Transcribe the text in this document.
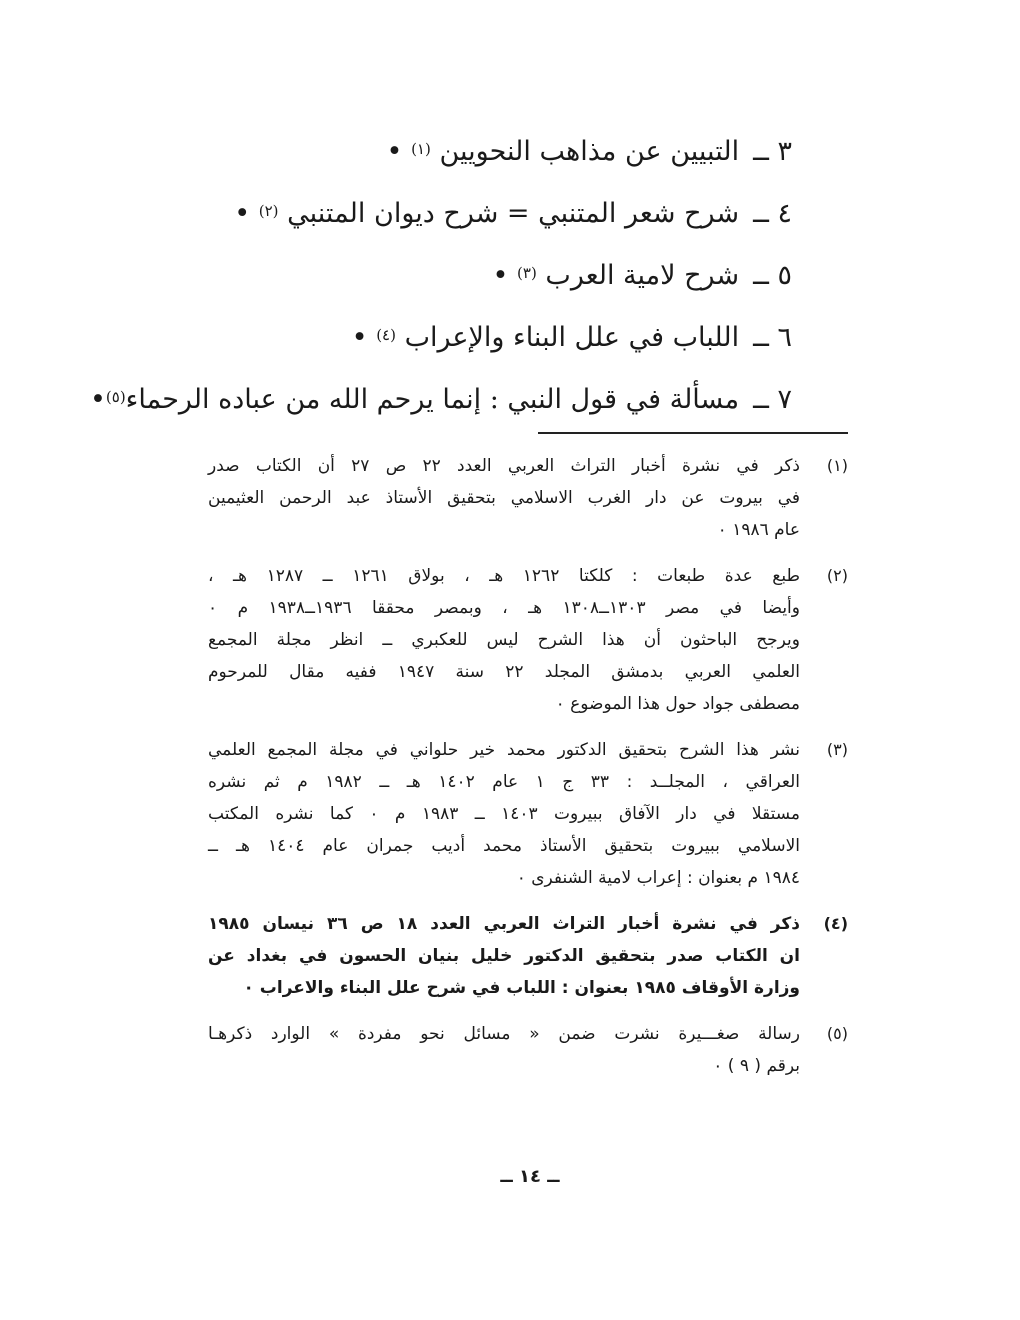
٣ ــالتبيين عن مذاهب النحويين $^{(١)}$ •
٤ ــشرح شعر المتنبي = شرح ديوان المتنبي $^{(٢)}$ •
٥ ــشرح لامية العرب $^{(٣)}$ •
٦ ــاللباب في علل البناء والإعراب $^{(٤)}$ •
٧ ــمسألة في قول النبي : إنما يرحم الله من عباده الرحماء$^{(٥)}$•
(١)
ذكر في نشرة أخبار التراث العربي العدد ٢٢ ص ٢٧ أن الكتاب صدر
في بيروت عن دار الغرب الاسلامي بتحقيق الأستاذ عبد الرحمن العثيمين
عام ١٩٨٦ ٠
(٢)
طبع عدة طبعات : كلكتا ١٢٦٢ هـ ، بولاق ١٢٦١ ــ ١٢٨٧ هـ ،
وأيضا في مصر ١٣٠٣ــ١٣٠٨ هـ ، وبمصر محققا ١٩٣٦ــ١٩٣٨ م ٠
ويرجح الباحثون أن هذا الشرح ليس للعكبري ــ انظر مجلة المجمع
العلمي العربي بدمشق المجلد ٢٢ سنة ١٩٤٧ ففيه مقال للمرحوم
مصطفى جواد حول هذا الموضوع ٠
(٣)
نشر هذا الشرح بتحقيق الدكتور محمد خير حلواني في مجلة المجمع العلمي
العراقي ، المجلــد : ٣٣ ج ١ عام ١٤٠٢ هـ ــ ١٩٨٢ م ثم نشره
مستقلا في دار الآفاق ببيروت ١٤٠٣ ــ ١٩٨٣ م ٠ كما نشره المكتب
الاسلامي ببيروت بتحقيق الأستاذ محمد أديب جمران عام ١٤٠٤ هـ ــ
١٩٨٤ م بعنوان : إعراب لامية الشنفرى ٠
(٤)
ذكر في نشرة أخبار التراث العربي العدد ١٨ ص ٣٦ نيسان ١٩٨٥
ان الكتاب صدر بتحقيق الدكتور خليل بنيان الحسون في بغداد عن
وزارة الأوقاف ١٩٨٥ بعنوان : اللباب في شرح علل البناء والاعراب ٠
(٥)
رسالة صغـــيرة نشرت ضمن « مسائل نحو مفردة » الوارد ذكرهـا
برقم ( ٩ ) ٠
ــ ١٤ ــ
